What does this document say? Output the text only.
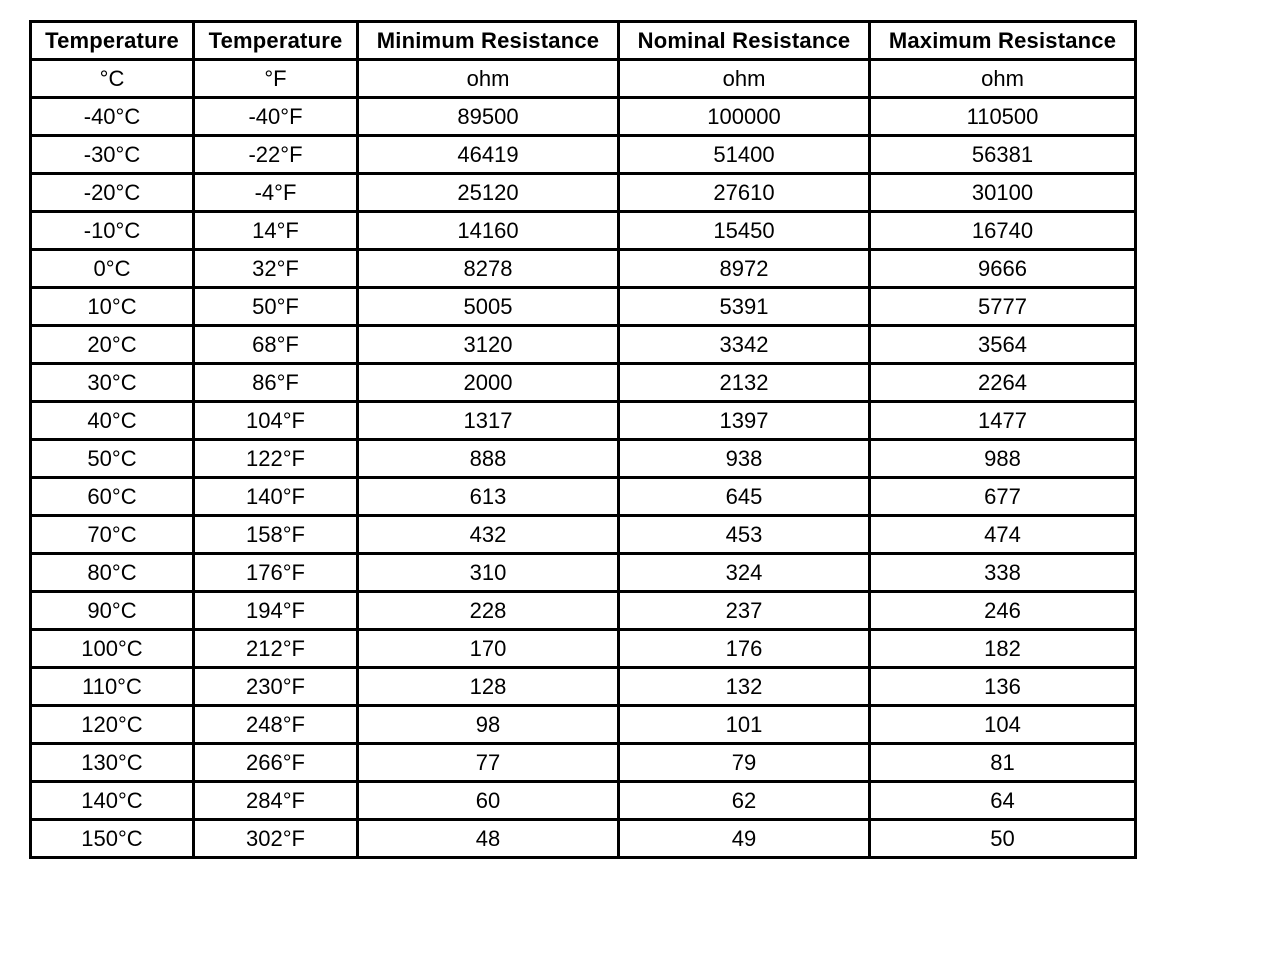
Temperature	Temperature	Minimum Resistance	Nominal Resistance	Maximum Resistance
°C	°F	ohm	ohm	ohm
-40°C	-40°F	89500	100000	110500
-30°C	-22°F	46419	51400	56381
-20°C	-4°F	25120	27610	30100
-10°C	14°F	14160	15450	16740
0°C	32°F	8278	8972	9666
10°C	50°F	5005	5391	5777
20°C	68°F	3120	3342	3564
30°C	86°F	2000	2132	2264
40°C	104°F	1317	1397	1477
50°C	122°F	888	938	988
60°C	140°F	613	645	677
70°C	158°F	432	453	474
80°C	176°F	310	324	338
90°C	194°F	228	237	246
100°C	212°F	170	176	182
110°C	230°F	128	132	136
120°C	248°F	98	101	104
130°C	266°F	77	79	81
140°C	284°F	60	62	64
150°C	302°F	48	49	50
